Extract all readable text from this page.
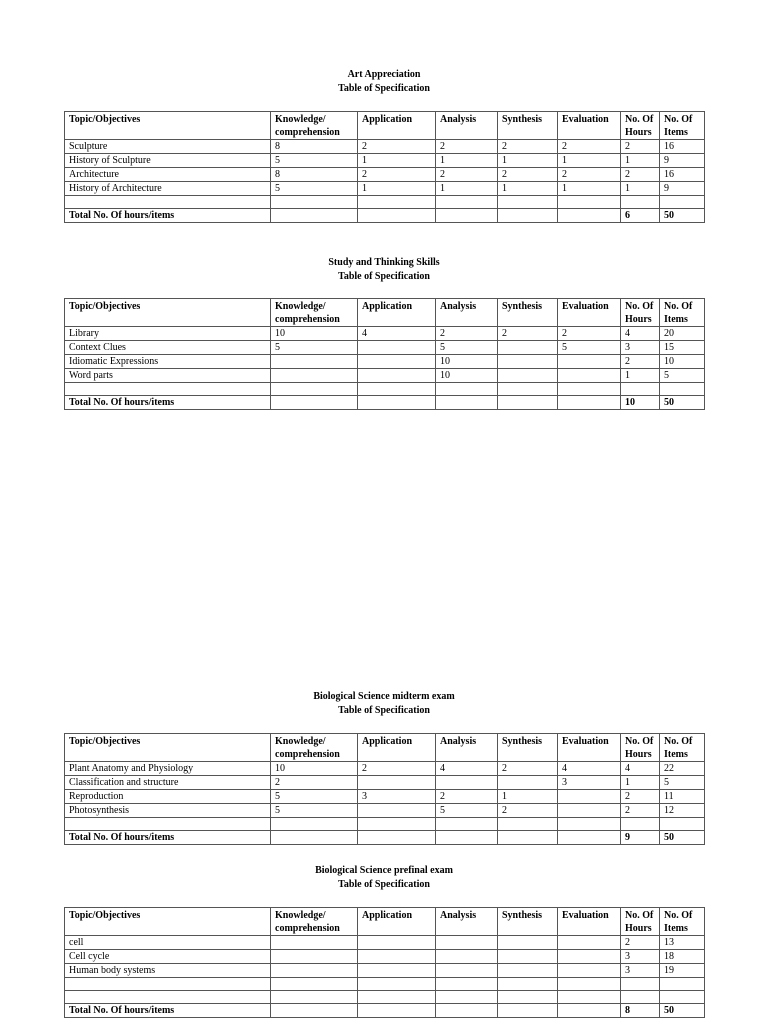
Art Appreciation
Table of Specification
Topic/Objectives	Knowledge/ comprehension	Application	Analysis	Synthesis	Evaluation	No. Of Hours	No. Of Items
Sculpture	8	2	2	2	2	2	16
History of Sculpture	5	1	1	1	1	1	9
Architecture	8	2	2	2	2	2	16
History of Architecture	5	1	1	1	1	1	9

Total No. Of hours/items						6	50
Study and Thinking Skills
Table of Specification
Topic/Objectives	Knowledge/ comprehension	Application	Analysis	Synthesis	Evaluation	No. Of Hours	No. Of Items
Library	10	4	2	2	2	4	20
Context Clues	5		5		5	3	15
Idiomatic Expressions			10			2	10
Word parts			10			1	5

Total No. Of hours/items						10	50
Biological Science midterm exam
Table of Specification
Topic/Objectives	Knowledge/ comprehension	Application	Analysis	Synthesis	Evaluation	No. Of Hours	No. Of Items
Plant Anatomy and Physiology	10	2	4	2	4	4	22
Classification and structure	2				3	1	5
Reproduction	5	3	2	1		2	11
Photosynthesis	5		5	2		2	12

Total No. Of hours/items						9	50
Biological Science prefinal exam
Table of Specification
Topic/Objectives	Knowledge/ comprehension	Application	Analysis	Synthesis	Evaluation	No. Of Hours	No. Of Items
cell						2	13
Cell cycle						3	18
Human body systems						3	19

Total No. Of hours/items						8	50
